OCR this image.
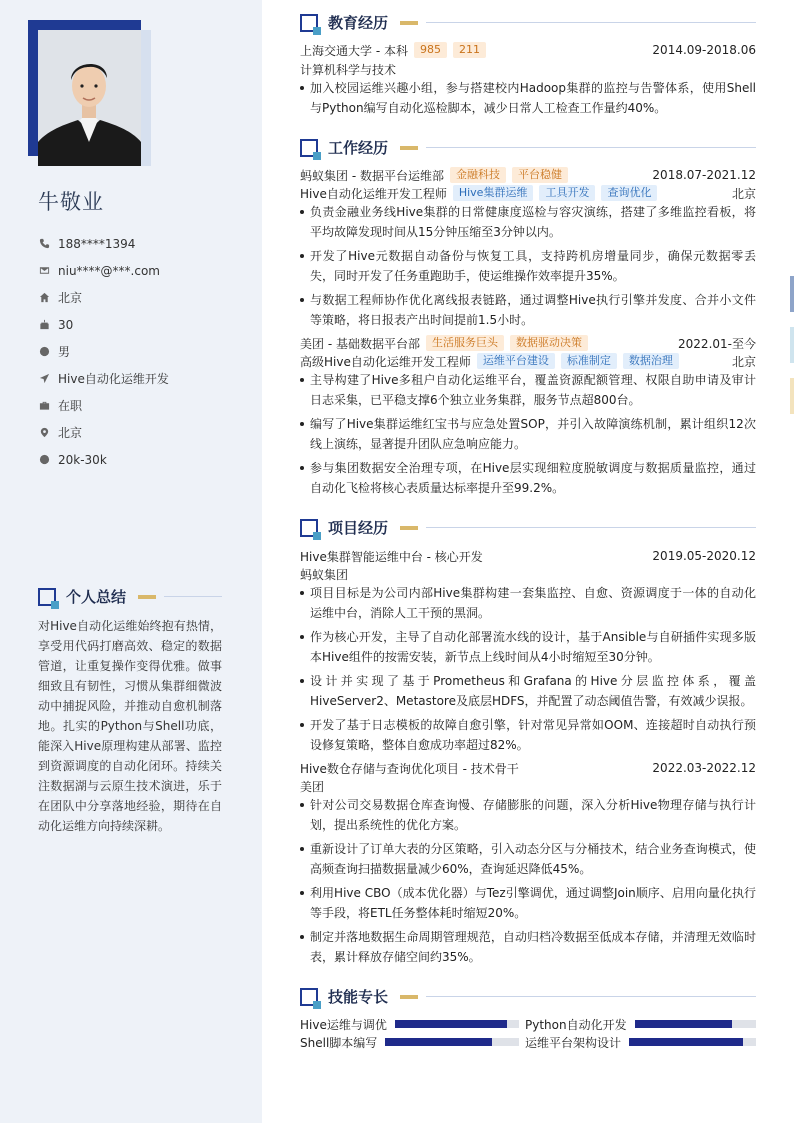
牛敬业
188****1394
niu****@***.com
北京
30
男
Hive自动化运维开发
在职
北京
20k-30k
个人总结
对Hive自动化运维始终抱有热情，享受用代码打磨高效、稳定的数据管道，让重复操作变得优雅。做事细致且有韧性，习惯从集群细微波动中捕捉风险，并推动自愈机制落地。扎实的Python与Shell功底，能深入Hive原理构建从部署、监控到资源调度的自动化闭环。持续关注数据湖与云原生技术演进，乐于在团队中分享落地经验，期待在自动化运维方向持续深耕。
教育经历
上海交通大学 - 本科	985	211	2014.09-2018.06
计算机科学与技术
加入校园运维兴趣小组，参与搭建校内Hadoop集群的监控与告警体系，使用Shell与Python编写自动化巡检脚本，减少日常人工检查工作量约40%。
工作经历
蚂蚁集团 - 数据平台运维部	金融科技	平台稳健	2018.07-2021.12
Hive自动化运维开发工程师	Hive集群运维	工具开发	查询优化	北京
负责金融业务线Hive集群的日常健康度巡检与容灾演练，搭建了多维监控看板，将平均故障发现时间从15分钟压缩至3分钟以内。
开发了Hive元数据自动备份与恢复工具，支持跨机房增量同步，确保元数据零丢失，同时开发了任务重跑助手，使运维操作效率提升35%。
与数据工程师协作优化离线报表链路，通过调整Hive执行引擎并发度、合并小文件等策略，将日报表产出时间提前1.5小时。
美团 - 基础数据平台部	生活服务巨头	数据驱动决策	2022.01-至今
高级Hive自动化运维开发工程师	运维平台建设	标准制定	数据治理	北京
主导构建了Hive多租户自动化运维平台，覆盖资源配额管理、权限自助申请及审计日志采集，已平稳支撑6个独立业务集群，服务节点超800台。
编写了Hive集群运维红宝书与应急处置SOP，并引入故障演练机制，累计组织12次线上演练，显著提升团队应急响应能力。
参与集团数据安全治理专项，在Hive层实现细粒度脱敏调度与数据质量监控，通过自动化飞检将核心表质量达标率提升至99.2%。
项目经历
Hive集群智能运维中台 - 核心开发	2019.05-2020.12
蚂蚁集团
项目目标是为公司内部Hive集群构建一套集监控、自愈、资源调度于一体的自动化运维中台，消除人工干预的黑洞。
作为核心开发，主导了自动化部署流水线的设计，基于Ansible与自研插件实现多版本Hive组件的按需安装，新节点上线时间从4小时缩短至30分钟。
设计并实现了基于Prometheus和Grafana的Hive分层监控体系，覆盖HiveServer2、Metastore及底层HDFS，并配置了动态阈值告警，有效减少误报。
开发了基于日志模板的故障自愈引擎，针对常见异常如OOM、连接超时自动执行预设修复策略，整体自愈成功率超过82%。
Hive数仓存储与查询优化项目 - 技术骨干	2022.03-2022.12
美团
针对公司交易数据仓库查询慢、存储膨胀的问题，深入分析Hive物理存储与执行计划，提出系统性的优化方案。
重新设计了订单大表的分区策略，引入动态分区与分桶技术，结合业务查询模式，使高频查询扫描数据量减少60%，查询延迟降低45%。
利用Hive CBO（成本优化器）与Tez引擎调优，通过调整Join顺序、启用向量化执行等手段，将ETL任务整体耗时缩短20%。
制定并落地数据生命周期管理规范，自动归档冷数据至低成本存储，并清理无效临时表，累计释放存储空间约35%。
技能专长
Hive运维与调优	Python自动化开发
Shell脚本编写	运维平台架构设计
